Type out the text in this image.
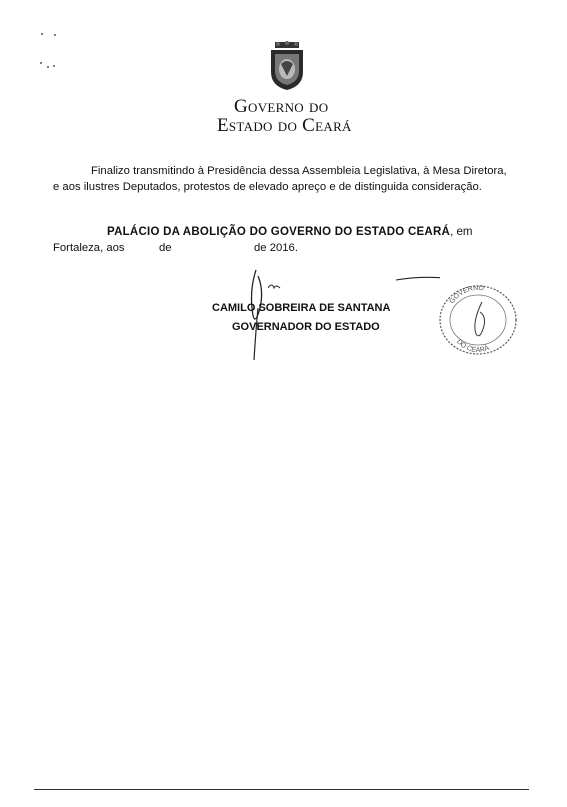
Governo do
Estado do Ceará
Finalizo transmitindo à Presidência dessa Assembleia Legislativa, à Mesa Diretora,
e aos ilustres Deputados, protestos de elevado apreço e de distinguida consideração.
PALÁCIO DA ABOLIÇÃO DO GOVERNO DO ESTADO CEARÁ, em
Fortaleza, aos	de	de 2016.
CAMILO SOBREIRA DE SANTANA
GOVERNADOR DO ESTADO
GOVERNO
DO CEARÁ
